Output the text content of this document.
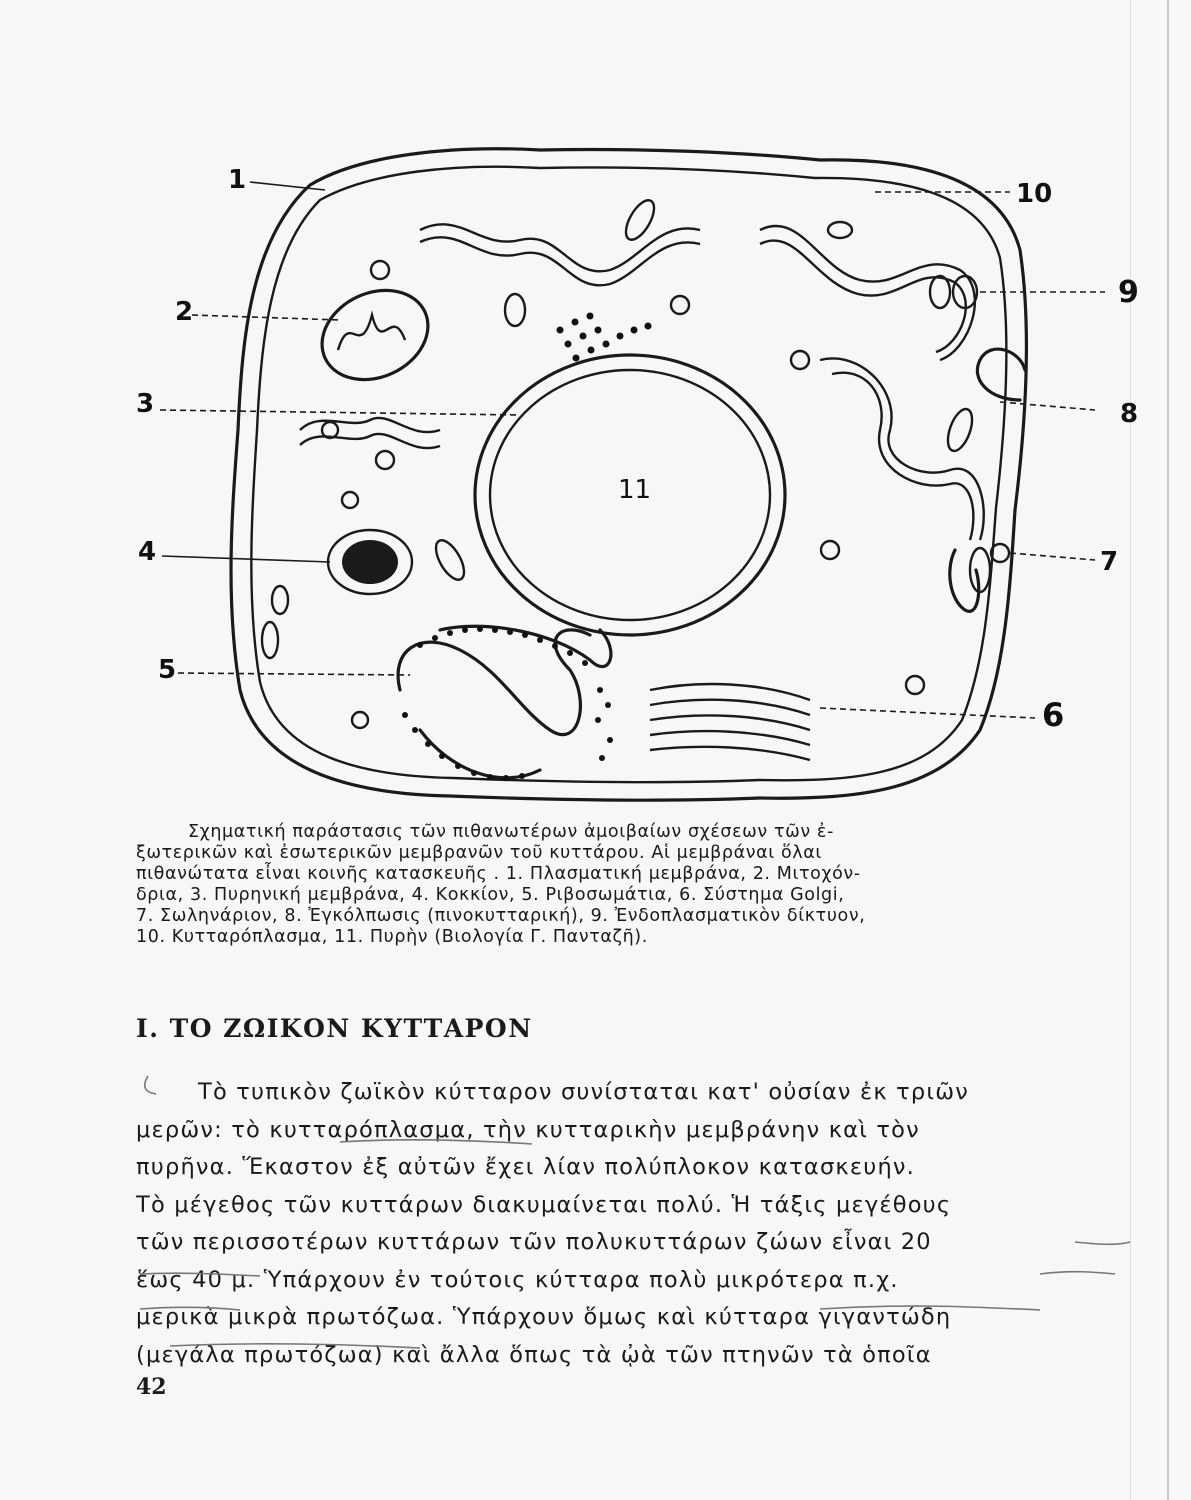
1
2
3
4
5
6
7
8
9
10
11
Σχηματική παράστασις τῶν πιθανωτέρων ἀμοιβαίων σχέσεων τῶν ἐ-
ξωτερικῶν καὶ ἐσωτερικῶν μεμβρανῶν τοῦ κυττάρου. Αἱ μεμβράναι ὅλαι
πιθανώτατα εἶναι κοινῆς κατασκευῆς . 1. Πλασματική μεμβράνα, 2. Μιτοχόν-
δρια, 3. Πυρηνική μεμβράνα, 4. Κοκκίον, 5. Ριβοσωμάτια, 6. Σύστημα Golgi,
7. Σωληνάριον, 8. Ἐγκόλπωσις (πινοκυτταρική), 9. Ἐνδοπλασματικὸν δίκτυον,
10. Κυτταρόπλασμα, 11. Πυρὴν (Βιολογία Γ. Πανταζῆ).
I. ΤΟ ΖΩΙΚΟΝ ΚΥΤΤΑΡΟΝ
Τὸ τυπικὸν ζωϊκὸν κύτταρον συνίσταται κατ' οὐσίαν ἐκ τριῶν
μερῶν: τὸ κυτταρόπλασμα, τὴν κυτταρικὴν μεμβράνην καὶ τὸν
πυρῆνα. Ἕκαστον ἐξ αὐτῶν ἔχει λίαν πολύπλοκον κατασκευήν.
Τὸ μέγεθος τῶν κυττάρων διακυμαίνεται πολύ. Ἡ τάξις μεγέθους
τῶν περισσοτέρων κυττάρων τῶν πολυκυττάρων ζώων εἶναι 20
ἕως 40 μ. Ὑπάρχουν ἐν τούτοις κύτταρα πολὺ μικρότερα π.χ.
μερικὰ μικρὰ πρωτόζωα. Ὑπάρχουν ὅμως καὶ κύτταρα γιγαντώδη
(μεγάλα πρωτόζωα) καὶ ἄλλα ὅπως τὰ ᾠὰ τῶν πτηνῶν τὰ ὁποῖα
42
